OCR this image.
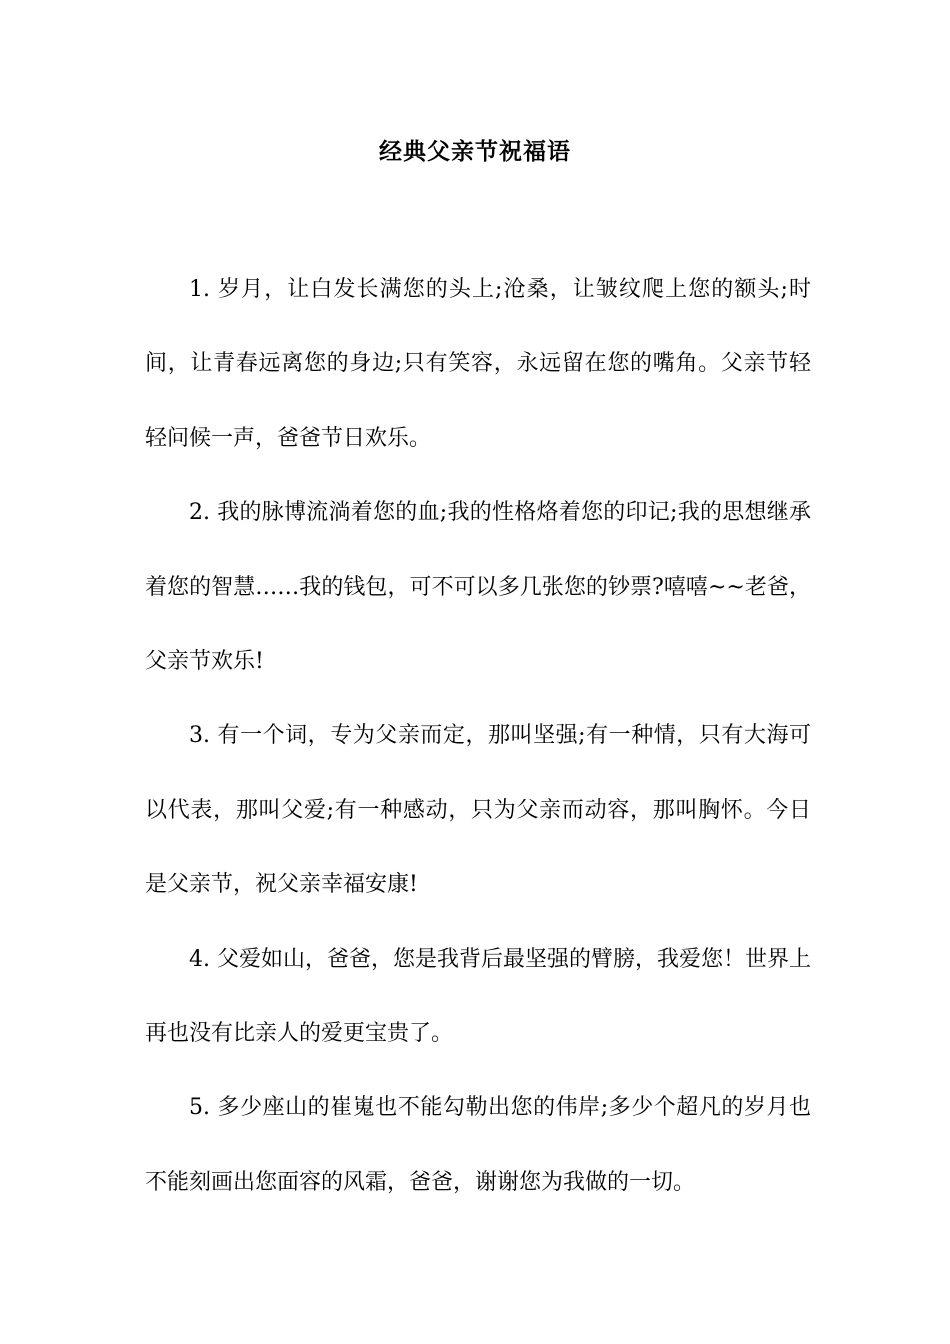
经典父亲节祝福语

1. 岁月，让白发长满您的头上;沧桑，让皱纹爬上您的额头;时间，让青春远离您的身边;只有笑容，永远留在您的嘴角。父亲节轻轻问候一声，爸爸节日欢乐。

2. 我的脉博流淌着您的血;我的性格烙着您的印记;我的思想继承着您的智慧……我的钱包，可不可以多几张您的钞票?嘻嘻~~老爸，父亲节欢乐!

3. 有一个词，专为父亲而定，那叫坚强;有一种情，只有大海可以代表，那叫父爱;有一种感动，只为父亲而动容，那叫胸怀。今日是父亲节，祝父亲幸福安康!

4. 父爱如山，爸爸，您是我背后最坚强的臂膀，我爱您！世界上再也没有比亲人的爱更宝贵了。

5. 多少座山的崔嵬也不能勾勒出您的伟岸;多少个超凡的岁月也不能刻画出您面容的风霜，爸爸，谢谢您为我做的一切。
